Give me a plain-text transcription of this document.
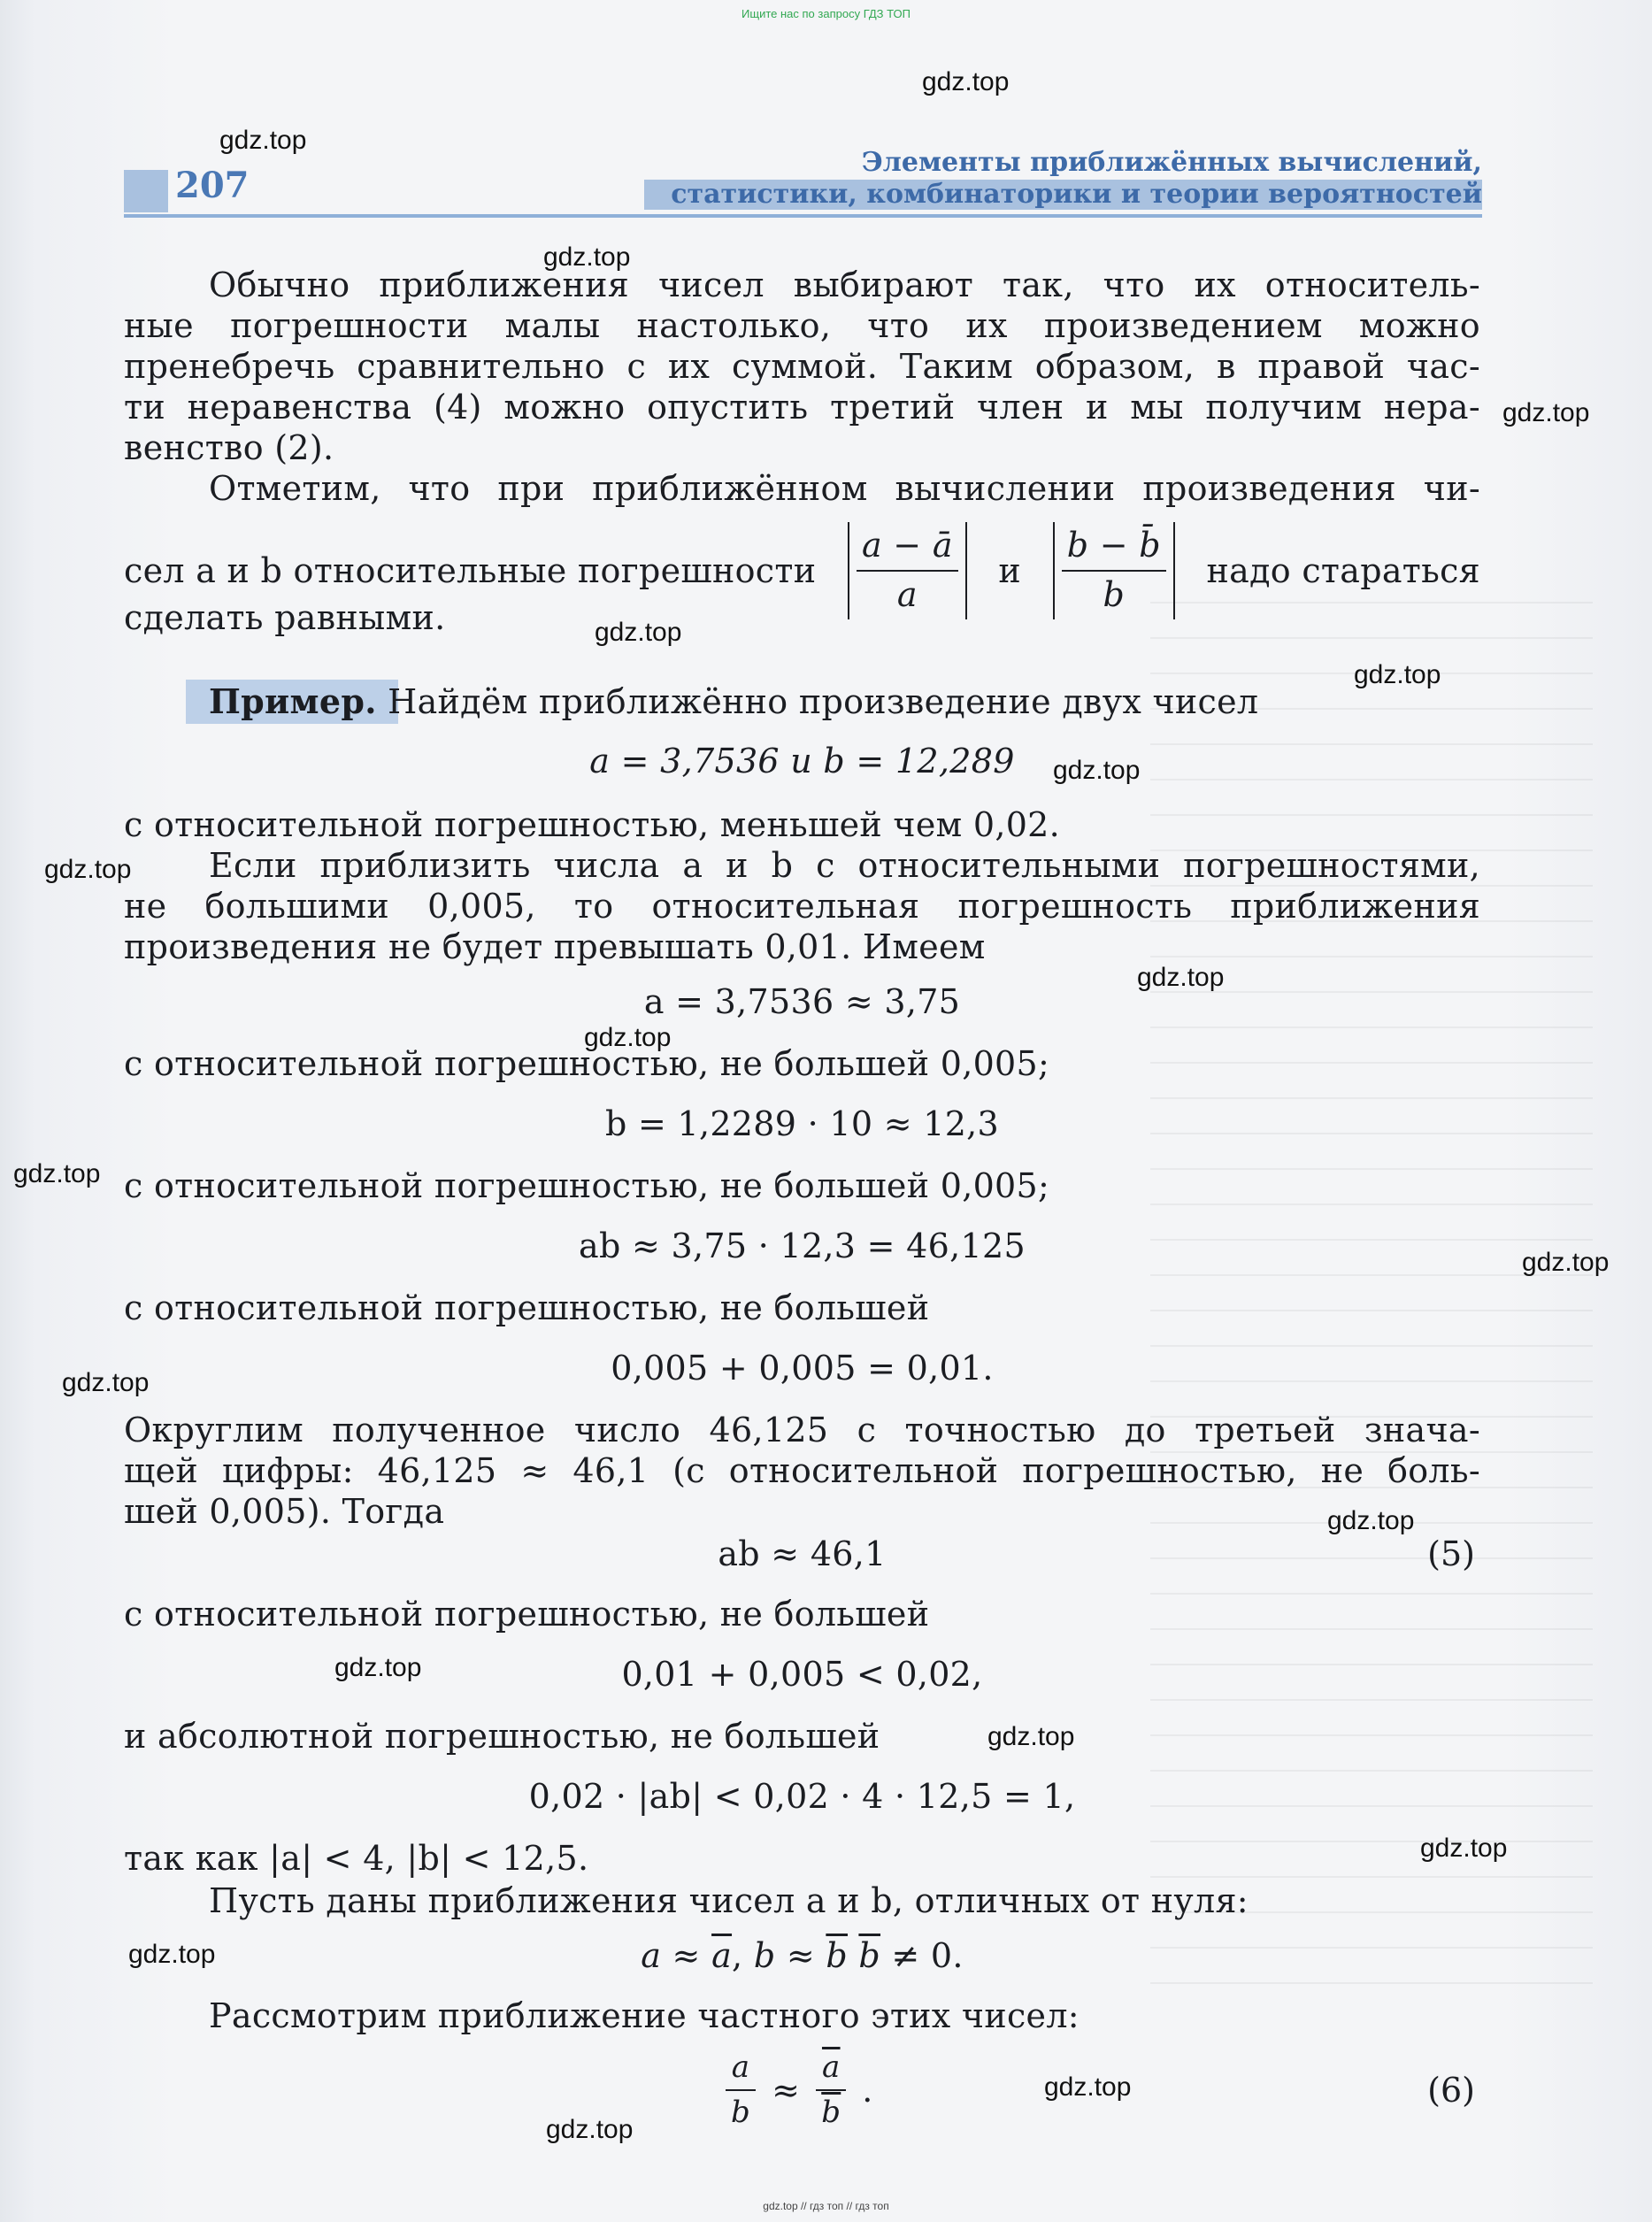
Ищите нас по запросу ГДЗ ТОП
207
Элементы приближённых вычислений,
статистики, комбинаторики и теории вероятностей
Обычно приближения чисел выбирают так, что их относитель-
ные погрешности малы настолько, что их произведением можно
пренебречь сравнительно с их суммой. Таким образом, в правой час-
ти неравенства (4) можно опустить третий член и мы получим нера-
венство (2).
Отметим, что при приближённом вычислении произведения чи-
сел a и b относительные погрешности $\frac{a - ā}{a}$ и $\frac{b - b̄}{b}$ надо стараться
сделать равными.
Пример. Найдём приближённо произведение двух чисел
a = 3,7536 и b = 12,289
с относительной погрешностью, меньшей чем 0,02.
Если приблизить числа a и b с относительными погрешностями,
не большими 0,005, то относительная погрешность приближения
произведения не будет превышать 0,01. Имеем
a = 3,7536 ≈ 3,75
с относительной погрешностью, не большей 0,005;
b = 1,2289 · 10 ≈ 12,3
с относительной погрешностью, не большей 0,005;
ab ≈ 3,75 · 12,3 = 46,125
с относительной погрешностью, не большей
0,005 + 0,005 = 0,01.
Округлим полученное число 46,125 с точностью до третьей знача-
щей цифры: 46,125 ≈ 46,1 (с относительной погрешностью, не боль-
шей 0,005). Тогда
ab ≈ 46,1	(5)
с относительной погрешностью, не большей
0,01 + 0,005 < 0,02,
и абсолютной погрешностью, не большей
0,02 · |ab| < 0,02 · 4 · 12,5 = 1,
так как |a| < 4, |b| < 12,5.
Пусть даны приближения чисел a и b, отличных от нуля:
$a \approx \overline{a}$, $b \approx \overline{b}$ $\overline{b} \ne 0$.
Рассмотрим приближение частного этих чисел:
$\frac{a}{b} \approx \frac{\overline{a}}{b}$ .	(6)
gdz.top
gdz.top
gdz.top
gdz.top
gdz.top
gdz.top
gdz.top
gdz.top
gdz.top
gdz.top
gdz.top
gdz.top
gdz.top
gdz.top
gdz.top
gdz.top
gdz.top
gdz.top
gdz.top
gdz.top
gdz.top // гдз топ // гдз топ
